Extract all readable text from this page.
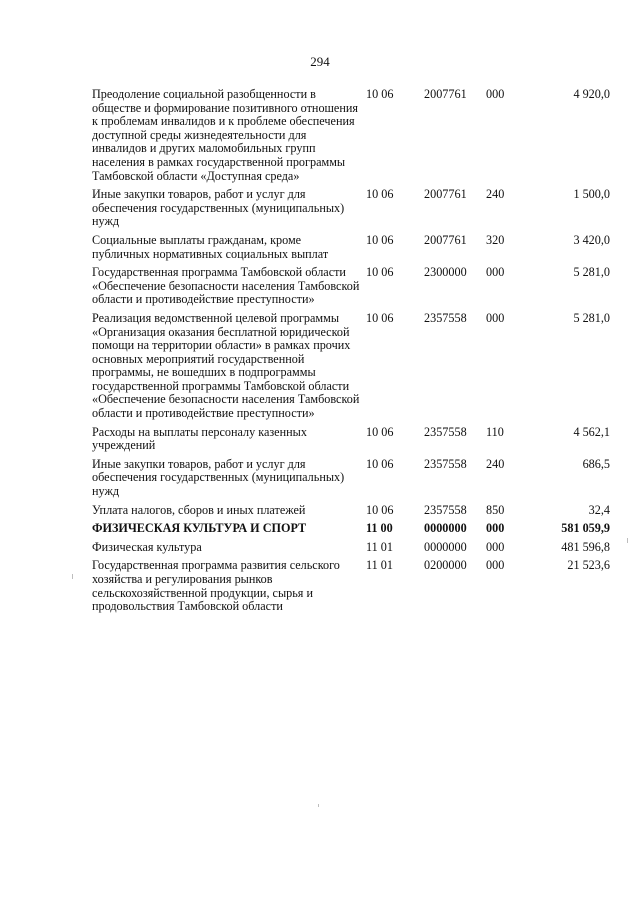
294
Преодоление социальной разобщенности в обществе и формирование позитивного отношения к проблемам инвалидов и к проблеме обеспечения доступной среды жизнедеятельности для инвалидов и других маломобильных групп населения в рамках государственной программы Тамбовской области «Доступная среда»
10 06	2007761	000	4 920,0
Иные закупки товаров, работ и услуг для обеспечения государственных (муниципальных) нужд
10 06	2007761	240	1 500,0
Социальные выплаты гражданам, кроме публичных нормативных социальных выплат
10 06	2007761	320	3 420,0
Государственная программа Тамбовской области «Обеспечение безопасности населения Тамбовской области и противодействие преступности»
10 06	2300000	000	5 281,0
Реализация ведомственной целевой программы «Организация оказания бесплатной юридической помощи на территории области» в рамках прочих основных мероприятий государственной программы, не вошедших в подпрограммы государственной программы Тамбовской области «Обеспечение безопасности населения Тамбовской области и противодействие преступности»
10 06	2357558	000	5 281,0
Расходы на выплаты персоналу казенных учреждений
10 06	2357558	110	4 562,1
Иные закупки товаров, работ и услуг для обеспечения государственных (муниципальных) нужд
10 06	2357558	240	686,5
Уплата налогов, сборов и иных платежей	10 06	2357558	850	32,4
ФИЗИЧЕСКАЯ КУЛЬТУРА И СПОРТ	11 00	0000000	000	581 059,9
Физическая культура	11 01	0000000	000	481 596,8
Государственная программа развития сельского хозяйства и регулирования рынков сельскохозяйственной продукции, сырья и продовольствия Тамбовской области
11 01	0200000	000	21 523,6
